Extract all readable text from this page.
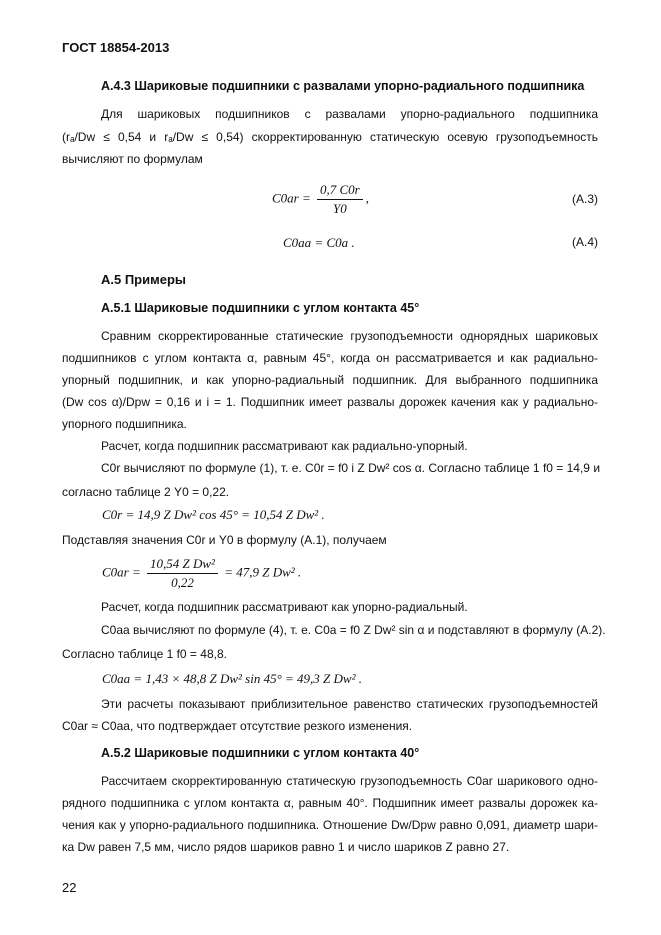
ГОСТ 18854-2013
А.4.3 Шариковые подшипники с развалами упорно-радиального подшипника
Для шариковых подшипников с развалами упорно-радиального подшипника
(rₐ/Dw ≤ 0,54 и rₐ/Dw ≤ 0,54) скорректированную статическую осевую грузоподъемность
вычисляют по формулам
$C0ar = \frac{0,7 C0r}{Y0}$ ,	(А.3)
C0aa = C0a .	(А.4)
А.5 Примеры
А.5.1 Шариковые подшипники с углом контакта 45°
Сравним скорректированные статические грузоподъемности однорядных шариковых
подшипников с углом контакта α, равным 45°, когда он рассматривается и как радиально-
упорный подшипник, и как упорно-радиальный подшипник. Для выбранного подшипника
(Dw cos α)/Dpw = 0,16 и i = 1. Подшипник имеет развалы дорожек качения как у радиально-
упорного подшипника.
Расчет, когда подшипник рассматривают как радиально-упорный.
C0r вычисляют по формуле (1), т. е. C0r = f0 i Z Dw² cos α. Согласно таблице 1 f0 = 14,9 и
согласно таблице 2 Y0 = 0,22.
C0r = 14,9 Z Dw² cos 45° = 10,54 Z Dw² .
Подставляя значения C0r и Y0 в формулу (А.1), получаем
$C0ar = \frac{\text{10,54 Z Dw²}}{0,22} = 47,9$ Z Dw² .
Расчет, когда подшипник рассматривают как упорно-радиальный.
C0aa вычисляют по формуле (4), т. е. C0a = f0 Z Dw² sin α и подставляют в формулу (А.2).
Согласно таблице 1 f0 = 48,8.
C0aa = 1,43 × 48,8 Z Dw² sin 45° = 49,3 Z Dw² .
Эти расчеты показывают приблизительное равенство статических грузоподъемностей
C0ar ≈ C0aa, что подтверждает отсутствие резкого изменения.
А.5.2 Шариковые подшипники с углом контакта 40°
Рассчитаем скорректированную статическую грузоподъемность C0ar шарикового одно-
рядного подшипника с углом контакта α, равным 40°. Подшипник имеет развалы дорожек ка-
чения как у упорно-радиального подшипника. Отношение Dw/Dpw равно 0,091, диаметр шари-
ка Dw равен 7,5 мм, число рядов шариков равно 1 и число шариков Z равно 27.
22
